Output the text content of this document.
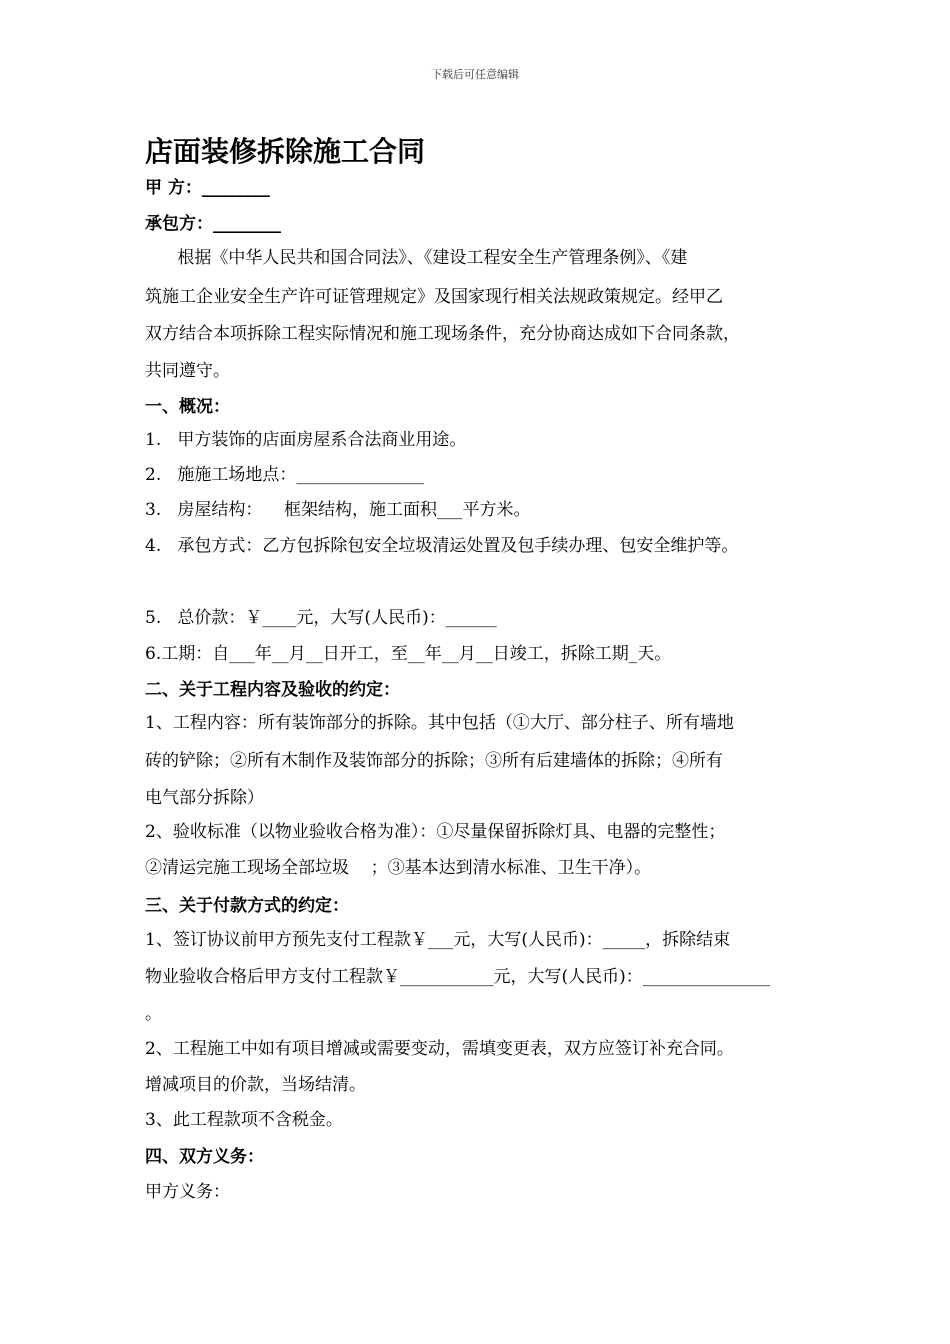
下载后可任意编辑
店面装修拆除施工合同
甲 方：________
承包方：________
根据《中华人民共和国合同法》、《建设工程安全生产管理条例》、《建
筑施工企业安全生产许可证管理规定》及国家现行相关法规政策规定。经甲乙
双方结合本项拆除工程实际情况和施工现场条件，充分协商达成如下合同条款，
共同遵守。
一、概况：
1.   甲方装饰的店面房屋系合法商业用途。
2.   施施工场地点：_______________
3.   房屋结构：    框架结构，施工面积___平方米。
4.   承包方式：乙方包拆除包安全垃圾清运处置及包手续办理、包安全维护等。
5.   总价款：￥____元，大写(人民币)：______
6.工期：自___年__月__日开工，至__年__月__日竣工，拆除工期_天。
二、关于工程内容及验收的约定：
1、工程内容：所有装饰部分的拆除。其中包括（①大厅、部分柱子、所有墙地
砖的铲除；②所有木制作及装饰部分的拆除；③所有后建墙体的拆除；④所有
电气部分拆除）
2、验收标准（以物业验收合格为准）：①尽量保留拆除灯具、电器的完整性；
②清运完施工现场全部垃圾    ；③基本达到清水标准、卫生干净）。
三、关于付款方式的约定：
1、签订协议前甲方预先支付工程款￥___元，大写(人民币)：_____，拆除结束
物业验收合格后甲方支付工程款￥___________元，大写(人民币)：_______________
。
2、工程施工中如有项目增减或需要变动，需填变更表，双方应签订补充合同。
增减项目的价款，当场结清。
3、此工程款项不含税金。
四、双方义务：
甲方义务：
